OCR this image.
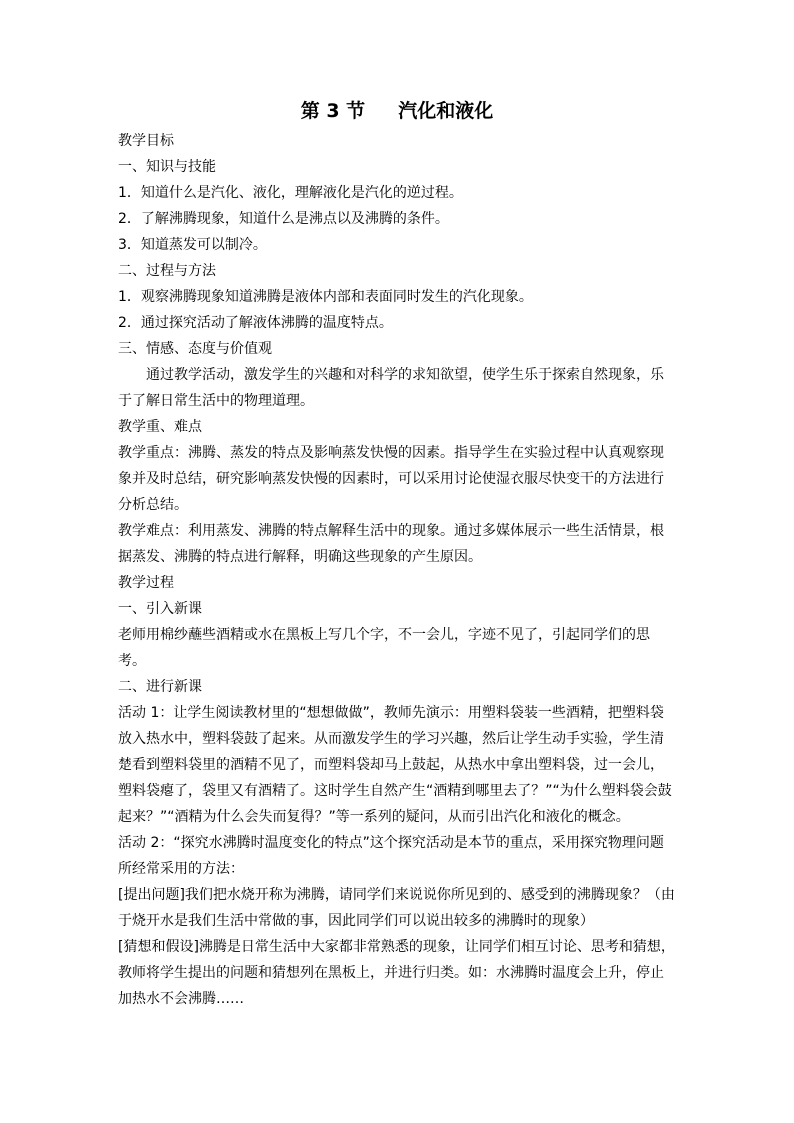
第 3 节     汽化和液化

教学目标

一、知识与技能

1．知道什么是汽化、液化，理解液化是汽化的逆过程。

2．了解沸腾现象，知道什么是沸点以及沸腾的条件。

3．知道蒸发可以制冷。

二、过程与方法

1．观察沸腾现象知道沸腾是液体内部和表面同时发生的汽化现象。

2．通过探究活动了解液体沸腾的温度特点。

三、情感、态度与价值观

通过教学活动，激发学生的兴趣和对科学的求知欲望，使学生乐于探索自然现象，乐于了解日常生活中的物理道理。

教学重、难点

教学重点：沸腾、蒸发的特点及影响蒸发快慢的因素。指导学生在实验过程中认真观察现象并及时总结，研究影响蒸发快慢的因素时，可以采用讨论使湿衣服尽快变干的方法进行分析总结。

教学难点：利用蒸发、沸腾的特点解释生活中的现象。通过多媒体展示一些生活情景，根据蒸发、沸腾的特点进行解释，明确这些现象的产生原因。

教学过程

一、引入新课

老师用棉纱蘸些酒精或水在黑板上写几个字，不一会儿，字迹不见了，引起同学们的思考。

二、进行新课

活动 1：让学生阅读教材里的“想想做做”，教师先演示：用塑料袋装一些酒精，把塑料袋放入热水中，塑料袋鼓了起来。从而激发学生的学习兴趣，然后让学生动手实验，学生清楚看到塑料袋里的酒精不见了，而塑料袋却马上鼓起，从热水中拿出塑料袋，过一会儿，塑料袋瘪了，袋里又有酒精了。这时学生自然产生“酒精到哪里去了？”“为什么塑料袋会鼓起来？”“酒精为什么会失而复得？”等一系列的疑问，从而引出汽化和液化的概念。

活动 2：“探究水沸腾时温度变化的特点”这个探究活动是本节的重点，采用探究物理问题所经常采用的方法：

[提出问题]我们把水烧开称为沸腾，请同学们来说说你所见到的、感受到的沸腾现象？（由于烧开水是我们生活中常做的事，因此同学们可以说出较多的沸腾时的现象）

[猜想和假设]沸腾是日常生活中大家都非常熟悉的现象，让同学们相互讨论、思考和猜想，教师将学生提出的问题和猜想列在黑板上，并进行归类。如：水沸腾时温度会上升，停止加热水不会沸腾……
